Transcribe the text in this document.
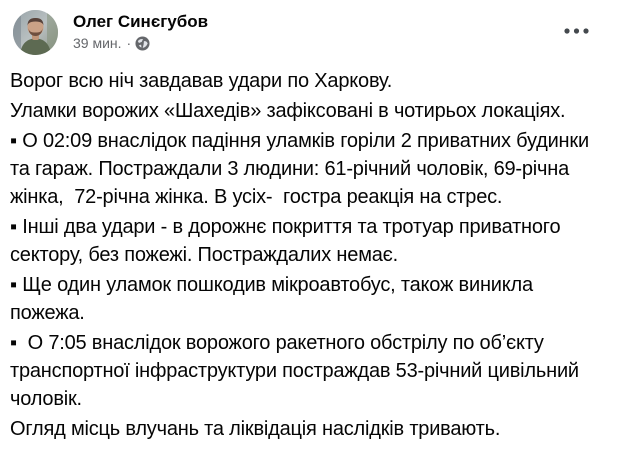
Олег Синєгубов
39 мин. ·

Ворог всю ніч завдавав удари по Харкову.

Уламки ворожих «Шахедів» зафіксовані в чотирьох локаціях.

▪ О 02:09 внаслідок падіння уламків горіли 2 приватних будинки та гараж. Постраждали 3 людини: 61-річний чоловік, 69-річна жінка,  72-річна жінка. В усіх-  гостра реакція на стрес.

▪ Інші два удари - в дорожнє покриття та тротуар приватного сектору, без пожежі. Постраждалих немає.

▪ Ще один уламок пошкодив мікроавтобус, також виникла пожежа.

▪  О 7:05 внаслідок ворожого ракетного обстрілу по об’єкту транспортної інфраструктури постраждав 53-річний цивільний чоловік.

Огляд місць влучань та ліквідація наслідків тривають.
